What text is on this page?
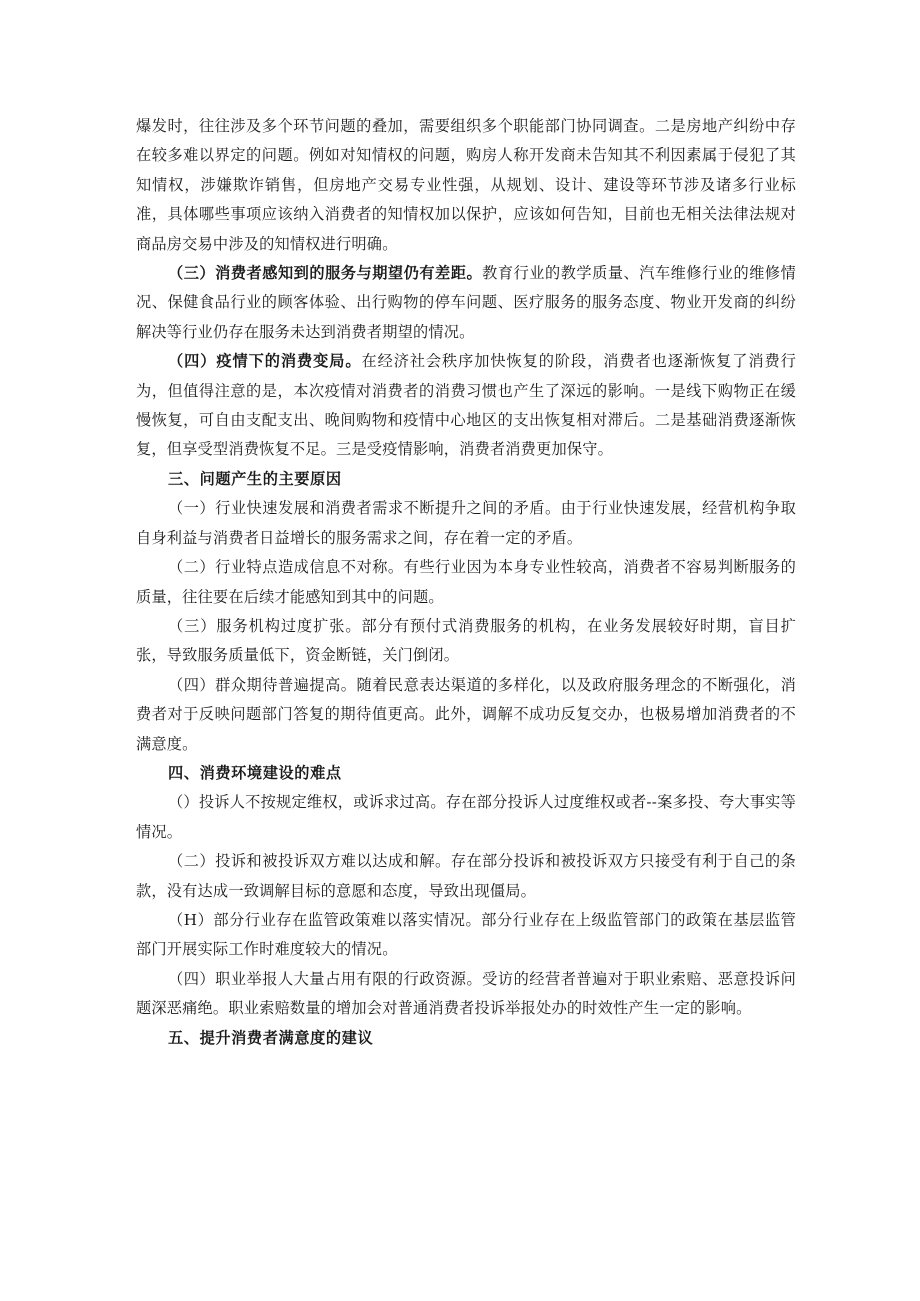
爆发时，往往涉及多个环节问题的叠加，需要组织多个职能部门协同调查。二是房地产纠纷中存在较多难以界定的问题。例如对知情权的问题，购房人称开发商未告知其不利因素属于侵犯了其知情权，涉嫌欺诈销售，但房地产交易专业性强，从规划、设计、建设等环节涉及诸多行业标准，具体哪些事项应该纳入消费者的知情权加以保护，应该如何告知，目前也无相关法律法规对商品房交易中涉及的知情权进行明确。

（三）消费者感知到的服务与期望仍有差距。教育行业的教学质量、汽车维修行业的维修情况、保健食品行业的顾客体验、出行购物的停车问题、医疗服务的服务态度、物业开发商的纠纷解决等行业仍存在服务未达到消费者期望的情况。

（四）疫情下的消费变局。在经济社会秩序加快恢复的阶段，消费者也逐渐恢复了消费行为，但值得注意的是，本次疫情对消费者的消费习惯也产生了深远的影响。一是线下购物正在缓慢恢复，可自由支配支出、晚间购物和疫情中心地区的支出恢复相对滞后。二是基础消费逐渐恢复，但享受型消费恢复不足。三是受疫情影响，消费者消费更加保守。

三、问题产生的主要原因

（一）行业快速发展和消费者需求不断提升之间的矛盾。由于行业快速发展，经营机构争取自身利益与消费者日益增长的服务需求之间，存在着一定的矛盾。

（二）行业特点造成信息不对称。有些行业因为本身专业性较高，消费者不容易判断服务的质量，往往要在后续才能感知到其中的问题。

（三）服务机构过度扩张。部分有预付式消费服务的机构，在业务发展较好时期，盲目扩张，导致服务质量低下，资金断链，关门倒闭。

（四）群众期待普遍提高。随着民意表达渠道的多样化，以及政府服务理念的不断强化，消费者对于反映问题部门答复的期待值更高。此外，调解不成功反复交办，也极易增加消费者的不满意度。

四、消费环境建设的难点

（）投诉人不按规定维权，或诉求过高。存在部分投诉人过度维权或者--案多投、夸大事实等情况。

（二）投诉和被投诉双方难以达成和解。存在部分投诉和被投诉双方只接受有利于自己的条款，没有达成一致调解目标的意愿和态度，导致出现僵局。

（H）部分行业存在监管政策难以落实情况。部分行业存在上级监管部门的政策在基层监管部门开展实际工作时难度较大的情况。

（四）职业举报人大量占用有限的行政资源。受访的经营者普遍对于职业索赔、恶意投诉问题深恶痛绝。职业索赔数量的增加会对普通消费者投诉举报处办的时效性产生一定的影响。

五、提升消费者满意度的建议
